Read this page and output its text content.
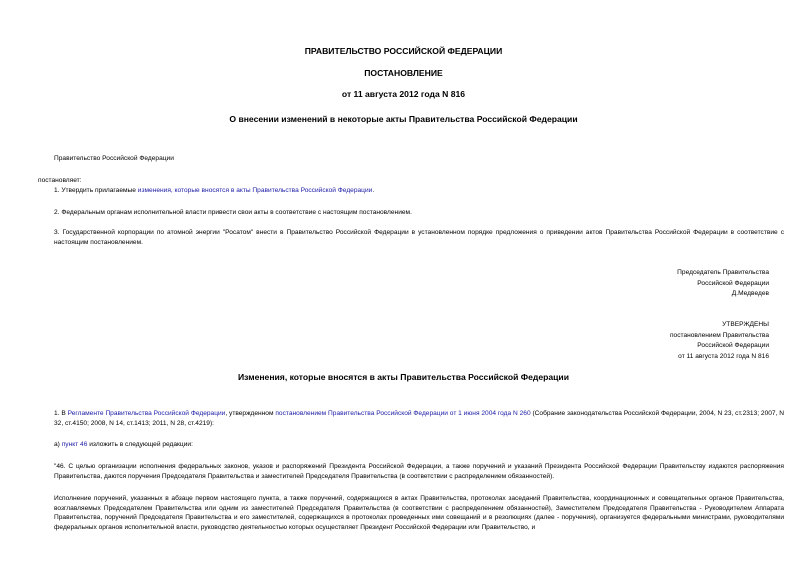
ПРАВИТЕЛЬСТВО РОССИЙСКОЙ ФЕДЕРАЦИИ
ПОСТАНОВЛЕНИЕ
от 11 августа 2012 года N 816
О внесении изменений в некоторые акты Правительства Российской Федерации
Правительство Российской Федерации
постановляет:
1. Утвердить прилагаемые изменения, которые вносятся в акты Правительства Российской Федерации.
2. Федеральным органам исполнительной власти привести свои акты в соответствие с настоящим постановлением.
3. Государственной корпорации по атомной энергии "Росатом" внести в Правительство Российской Федерации в установленном порядке предложения о приведении актов Правительства Российской Федерации в соответствие с настоящим постановлением.
Председатель Правительства
Российской Федерации
Д.Медведев
УТВЕРЖДЕНЫ
постановлением Правительства
Российской Федерации
от 11 августа 2012 года N 816
Изменения, которые вносятся в акты Правительства Российской Федерации
1. В Регламенте Правительства Российской Федерации, утвержденном постановлением Правительства Российской Федерации от 1 июня 2004 года N 260 (Собрание законодательства Российской Федерации, 2004, N 23, ст.2313; 2007, N 32, ст.4150; 2008, N 14, ст.1413; 2011, N 28, ст.4219):
а) пункт 46 изложить в следующей редакции:
"46. С целью организации исполнения федеральных законов, указов и распоряжений Президента Российской Федерации, а также поручений и указаний Президента Российской Федерации Правительству издаются распоряжения Правительства, даются поручения Председателя Правительства и заместителей Председателя Правительства (в соответствии с распределением обязанностей).
Исполнение поручений, указанных в абзаце первом настоящего пункта, а также поручений, содержащихся в актах Правительства, протоколах заседаний Правительства, координационных и совещательных органов Правительства, возглавляемых Председателем Правительства или одним из заместителей Председателя Правительства (в соответствии с распределением обязанностей), Заместителем Председателя Правительства - Руководителем Аппарата Правительства, поручений Председателя Правительства и его заместителей, содержащихся в протоколах проведенных ими совещаний и в резолюциях (далее - поручения), организуется федеральными министрами, руководителями федеральных органов исполнительной власти, руководство деятельностью которых осуществляет Президент Российской Федерации или Правительство, и
